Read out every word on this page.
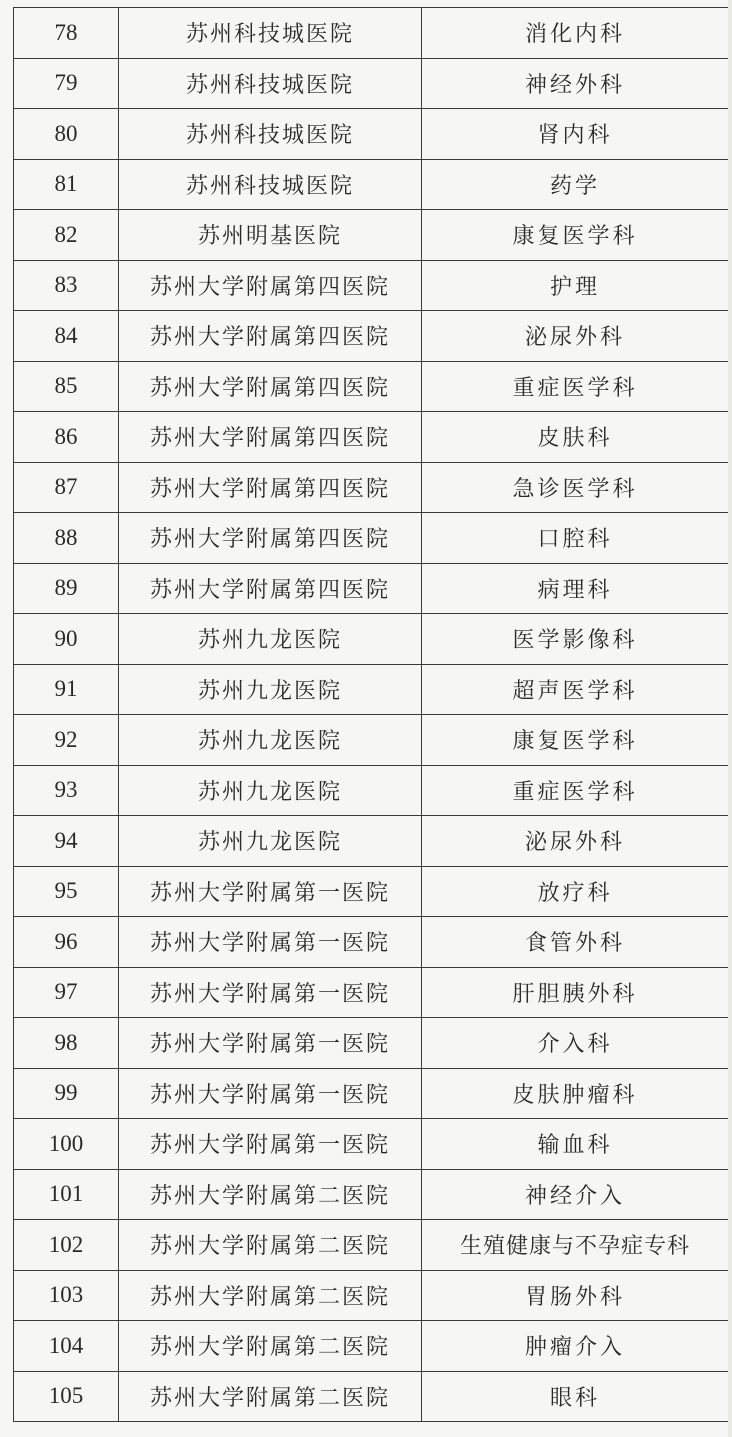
78	苏州科技城医院	消化内科
79	苏州科技城医院	神经外科
80	苏州科技城医院	肾内科
81	苏州科技城医院	药学
82	苏州明基医院	康复医学科
83	苏州大学附属第四医院	护理
84	苏州大学附属第四医院	泌尿外科
85	苏州大学附属第四医院	重症医学科
86	苏州大学附属第四医院	皮肤科
87	苏州大学附属第四医院	急诊医学科
88	苏州大学附属第四医院	口腔科
89	苏州大学附属第四医院	病理科
90	苏州九龙医院	医学影像科
91	苏州九龙医院	超声医学科
92	苏州九龙医院	康复医学科
93	苏州九龙医院	重症医学科
94	苏州九龙医院	泌尿外科
95	苏州大学附属第一医院	放疗科
96	苏州大学附属第一医院	食管外科
97	苏州大学附属第一医院	肝胆胰外科
98	苏州大学附属第一医院	介入科
99	苏州大学附属第一医院	皮肤肿瘤科
100	苏州大学附属第一医院	输血科
101	苏州大学附属第二医院	神经介入
102	苏州大学附属第二医院	生殖健康与不孕症专科
103	苏州大学附属第二医院	胃肠外科
104	苏州大学附属第二医院	肿瘤介入
105	苏州大学附属第二医院	眼科
